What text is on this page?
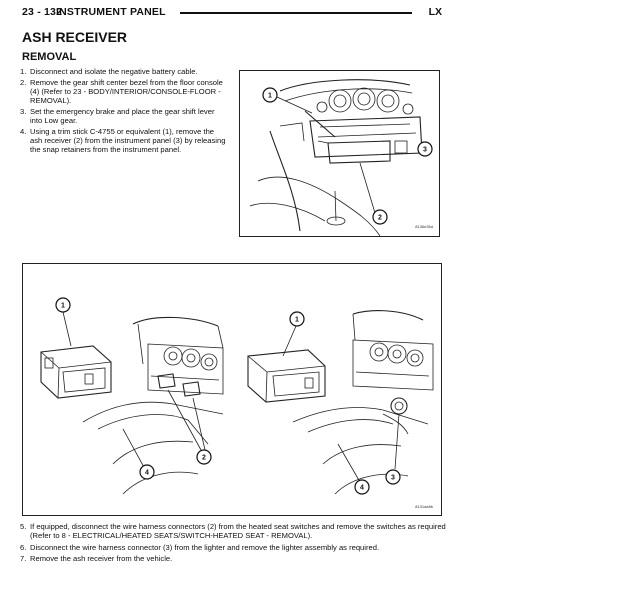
23 - 132
INSTRUMENT PANEL	LX
ASH RECEIVER
REMOVAL
1. Disconnect and isolate the negative battery cable.
2. Remove the gear shift center bezel from the floor console (4) (Refer to 23 - BODY/INTERIOR/CONSOLE-FLOOR - REMOVAL).
3. Set the emergency brake and place the gear shift lever into Low gear.
4. Using a trim stick C-4755 or equivalent (1), remove the ash receiver (2) from the instrument panel (3) by releasing the snap retainers from the instrument panel.
1
3
2
8136e35d
1
2
4
1
3
4
8131ae8b
5. If equipped, disconnect the wire harness connectors (2) from the heated seat switches and remove the switches as required (Refer to 8 - ELECTRICAL/HEATED SEATS/SWITCH-HEATED SEAT - REMOVAL).
6. Disconnect the wire harness connector (3) from the lighter and remove the lighter assembly as required.
7. Remove the ash receiver from the vehicle.
